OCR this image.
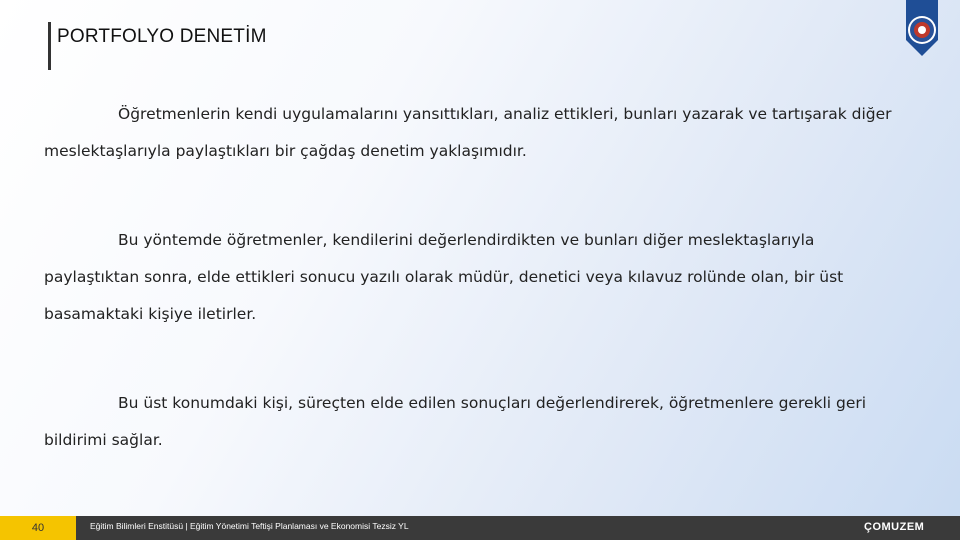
PORTFOLYO DENETİM

Öğretmenlerin kendi uygulamalarını yansıttıkları, analiz ettikleri, bunları yazarak ve tartışarak diğer meslektaşlarıyla paylaştıkları bir çağdaş denetim yaklaşımıdır.

Bu yöntemde öğretmenler, kendilerini değerlendirdikten ve bunları diğer meslektaşlarıyla paylaştıktan sonra, elde ettikleri sonucu yazılı olarak müdür, denetici veya kılavuz rolünde olan, bir üst basamaktaki kişiye iletirler.

Bu üst konumdaki kişi, süreçten elde edilen sonuçları değerlendirerek, öğretmenlere gerekli geri bildirimi sağlar.

40	Eğitim Bilimleri Enstitüsü | Eğitim Yönetimi Teftişi Planlaması ve Ekonomisi Tezsiz YL	ÇOMUZEM
